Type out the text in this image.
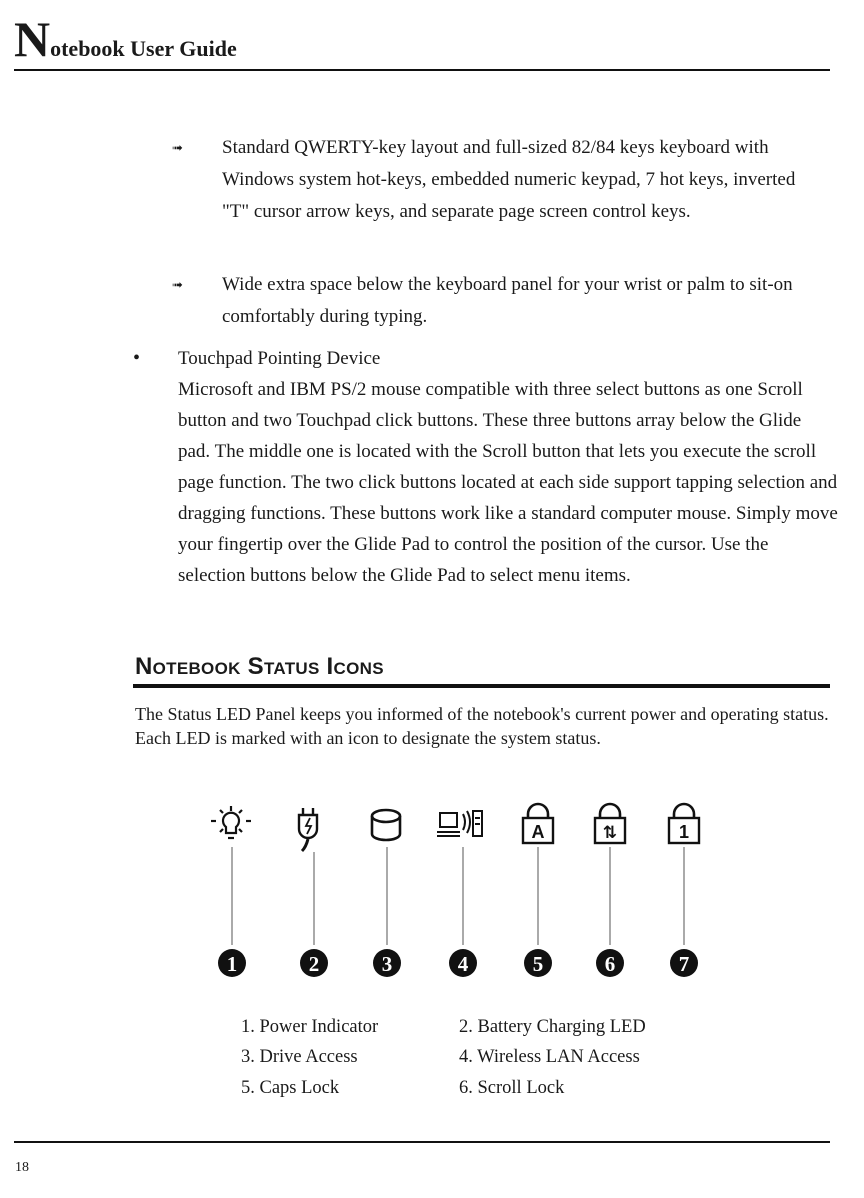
Notebook User Guide
➟ Standard QWERTY-key layout and full-sized 82/84 keys keyboard with Windows system hot-keys, embedded numeric keypad, 7 hot keys, inverted "T" cursor arrow keys, and separate page screen control keys.
➟ Wide extra space below the keyboard panel for your wrist or palm to sit-on comfortably during typing.
• Touchpad Pointing Device
Microsoft and IBM PS/2 mouse compatible with three select buttons as one Scroll button and two Touchpad click buttons. These three buttons array below the Glide pad. The middle one is located with the Scroll button that lets you execute the scroll page function. The two click buttons located at each side support tapping selection and dragging functions. These buttons work like a standard computer mouse. Simply move your fingertip over the Glide Pad to control the position of the cursor. Use the selection buttons below the Glide Pad to select menu items.
Notebook Status Icons
The Status LED Panel keeps you informed of the notebook's current power and operating status. Each LED is marked with an icon to designate the system status.
A	⇅	1
1	2	3	4	5	6	7
1. Power Indicator	2. Battery Charging LED
3. Drive Access	4. Wireless LAN Access
5. Caps Lock	6. Scroll Lock
18
